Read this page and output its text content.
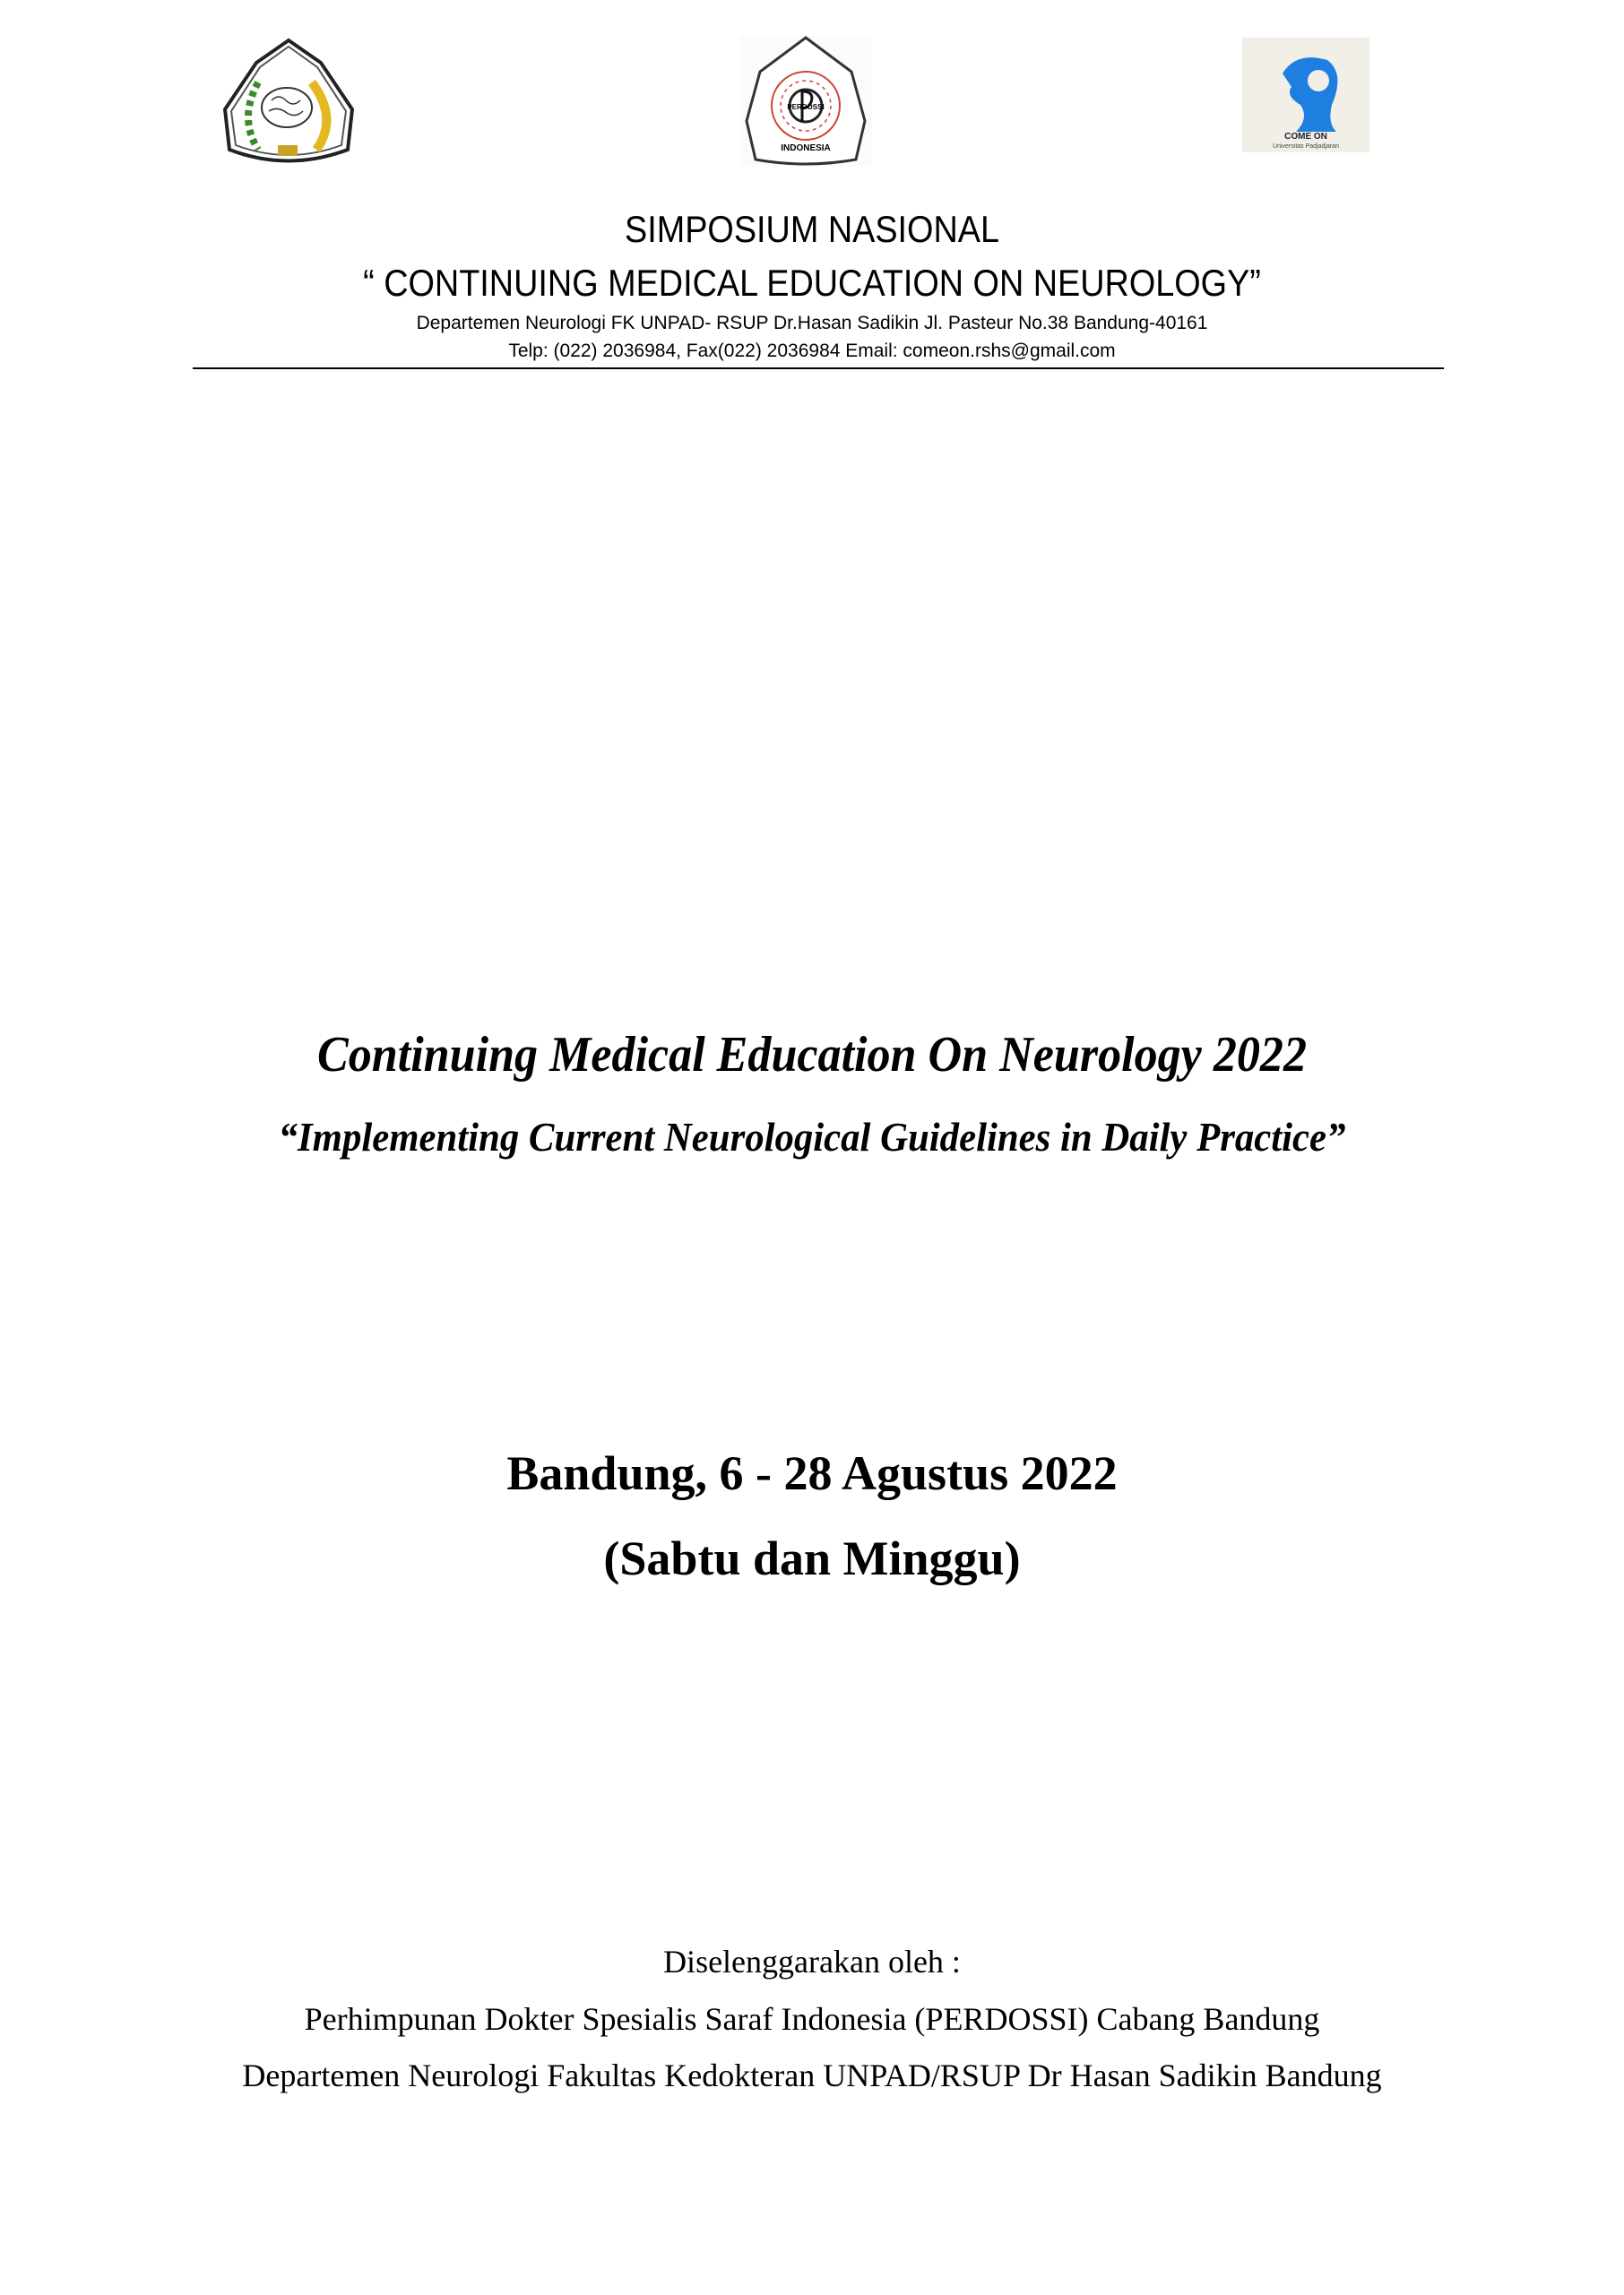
PERDOSSI
INDONESIA
COME ON
Universitas Padjadjaran
SIMPOSIUM NASIONAL
“ CONTINUING MEDICAL EDUCATION ON NEUROLOGY”
Departemen Neurologi FK UNPAD- RSUP Dr.Hasan Sadikin Jl. Pasteur No.38 Bandung-40161
Telp: (022) 2036984, Fax(022) 2036984 Email: comeon.rshs@gmail.com
Continuing Medical Education On Neurology 2022
“Implementing Current Neurological Guidelines in Daily Practice”
Bandung, 6 - 28 Agustus 2022
(Sabtu dan Minggu)
Diselenggarakan oleh :
Perhimpunan Dokter Spesialis Saraf Indonesia (PERDOSSI) Cabang Bandung
Departemen Neurologi Fakultas Kedokteran UNPAD/RSUP Dr Hasan Sadikin Bandung
